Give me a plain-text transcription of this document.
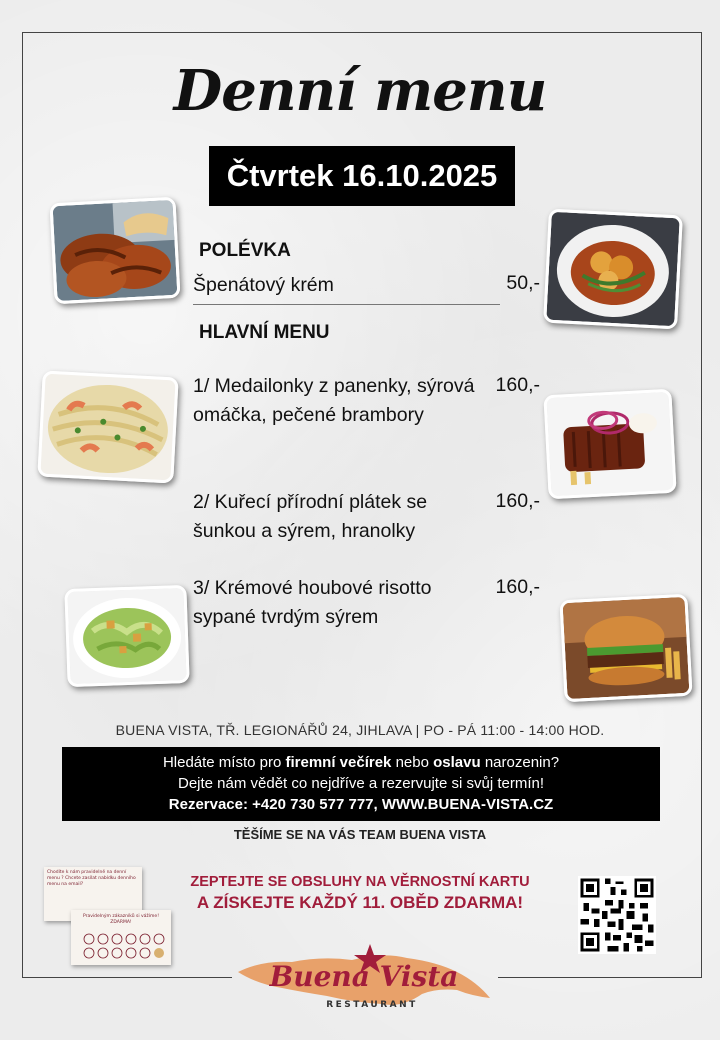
Denní menu
Čtvrtek 16.10.2025
POLÉVKA
Špenátový krém	50,-
HLAVNÍ MENU
1/ Medailonky z panenky, sýrová omáčka, pečené brambory
160,-
2/ Kuřecí přírodní plátek se šunkou a sýrem, hranolky
160,-
3/ Krémové houbové risotto sypané tvrdým sýrem
160,-
BUENA VISTA, TŘ. LEGIONÁŘŮ 24, JIHLAVA | PO - PÁ 11:00 - 14:00 HOD.
Hledáte místo pro firemní večírek nebo oslavu narozenin?
Dejte nám vědět co nejdříve a rezervujte si svůj termín!
Rezervace: +420 730 577 777, WWW.BUENA-VISTA.CZ
TĚŠÍME SE NA VÁS TEAM BUENA VISTA
Chodíte k nám pravidelně na denní menu ? Chcete zasílat nabídku denního menu na email?
Pravidelným zákazníků si vážíme! ZDARMA!
ZEPTEJTE SE OBSLUHY NA VĚRNOSTNÍ KARTU
A ZÍSKEJTE KAŽDÝ 11. OBĚD ZDARMA!
Buena Vista
RESTAURANT
